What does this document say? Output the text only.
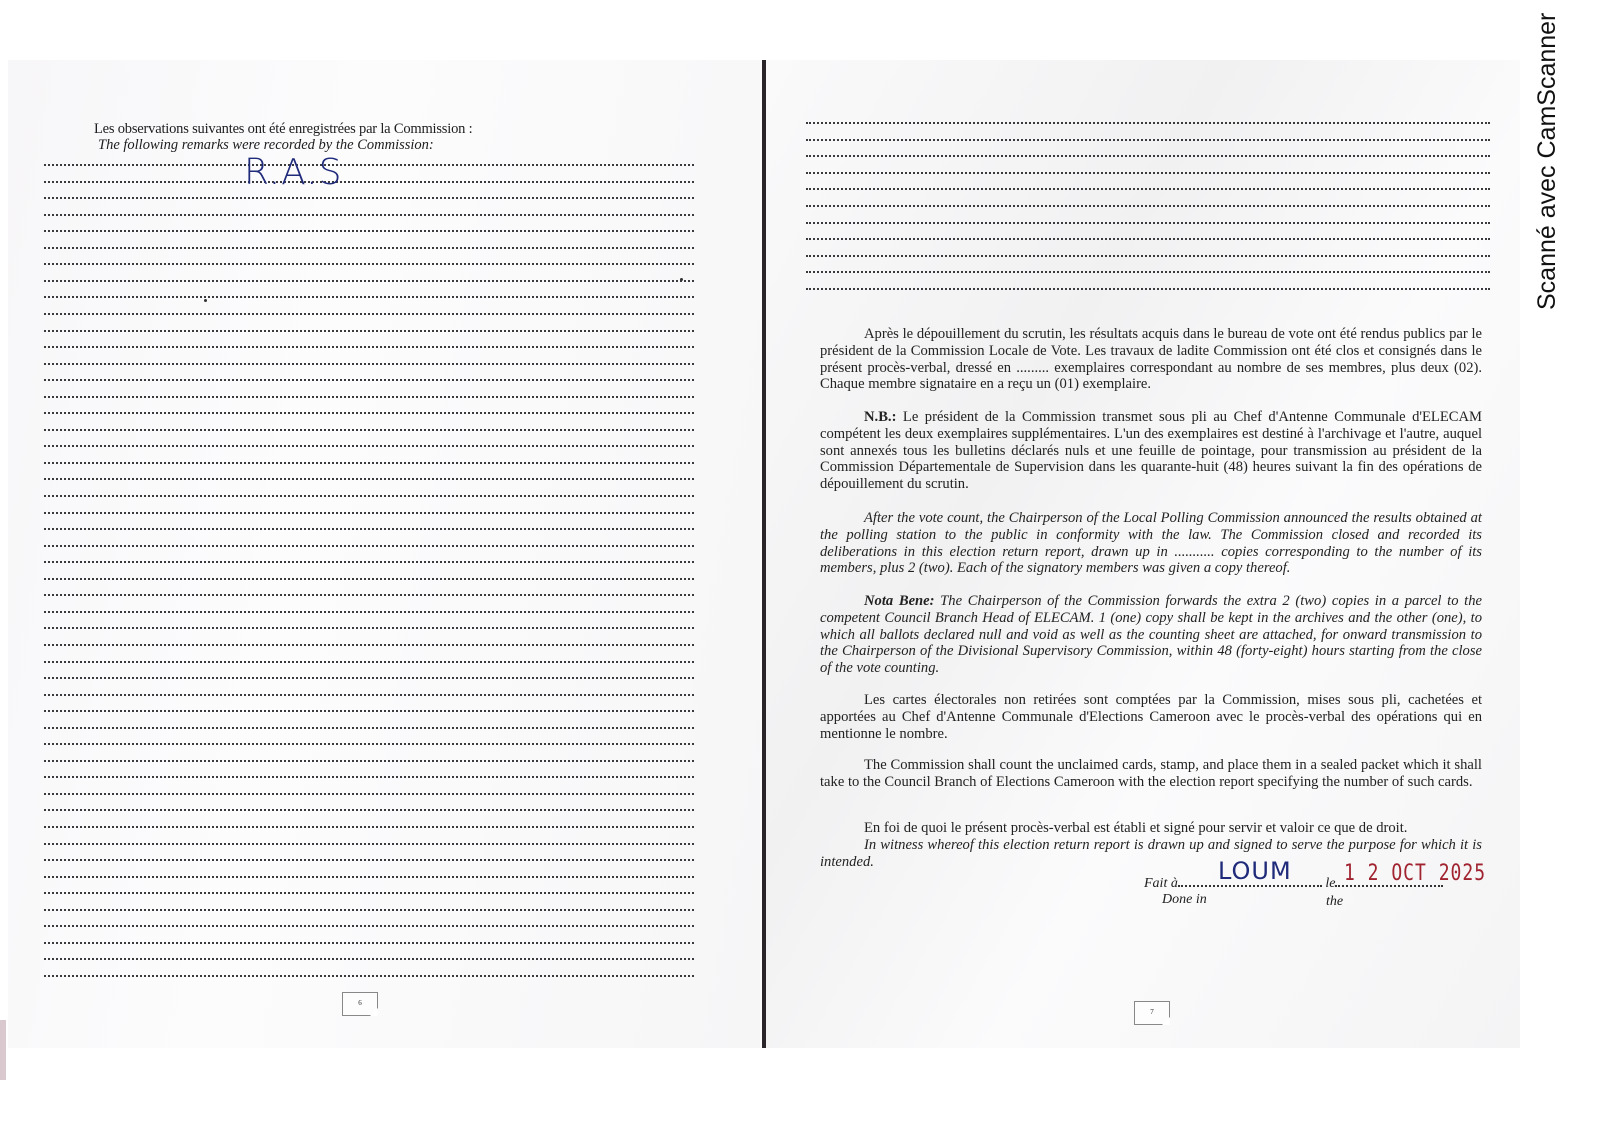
Les observations suivantes ont été enregistrées par la Commission :
The following remarks were recorded by the Commission:
R.A.S
6

Après le dépouillement du scrutin, les résultats acquis dans le bureau de vote ont été rendus publics par le président de la Commission Locale de Vote. Les travaux de ladite Commission ont été clos et consignés dans le présent procès-verbal, dressé en ......... exemplaires correspondant au nombre de ses membres, plus deux (02). Chaque membre signataire en a reçu un (01) exemplaire.

N.B.: Le président de la Commission transmet sous pli au Chef d'Antenne Communale d'ELECAM compétent les deux exemplaires supplémentaires. L'un des exemplaires est destiné à l'archivage et l'autre, auquel sont annexés tous les bulletins déclarés nuls et une feuille de pointage, pour transmission au président de la Commission Départementale de Supervision dans les quarante-huit (48) heures suivant la fin des opérations de dépouillement du scrutin.

After the vote count, the Chairperson of the Local Polling Commission announced the results obtained at the polling station to the public in conformity with the law. The Commission closed and recorded its deliberations in this election return report, drawn up in ........... copies corresponding to the number of its members, plus 2 (two). Each of the signatory members was given a copy thereof.

Nota Bene: The Chairperson of the Commission forwards the extra 2 (two) copies in a parcel to the competent Council Branch Head of ELECAM. 1 (one) copy shall be kept in the archives and the other (one), to which all ballots declared null and void as well as the counting sheet are attached, for onward transmission to the Chairperson of the Divisional Supervisory Commission, within 48 (forty-eight) hours starting from the close of the vote counting.

Les cartes électorales non retirées sont comptées par la Commission, mises sous pli, cachetées et apportées au Chef d'Antenne Communale d'Elections Cameroon avec le procès-verbal des opérations qui en mentionne le nombre.

The Commission shall count the unclaimed cards, stamp, and place them in a sealed packet which it shall take to the Council Branch of Elections Cameroon with the election report specifying the number of such cards.

En foi de quoi le présent procès-verbal est établi et signé pour servir et valoir ce que de droit.

In witness whereof this election return report is drawn up and signed to serve the purpose for which it is intended.

Fait à	le
LOUM	1 2 OCT 2025
Done in	the
7
Scanné avec CamScanner
